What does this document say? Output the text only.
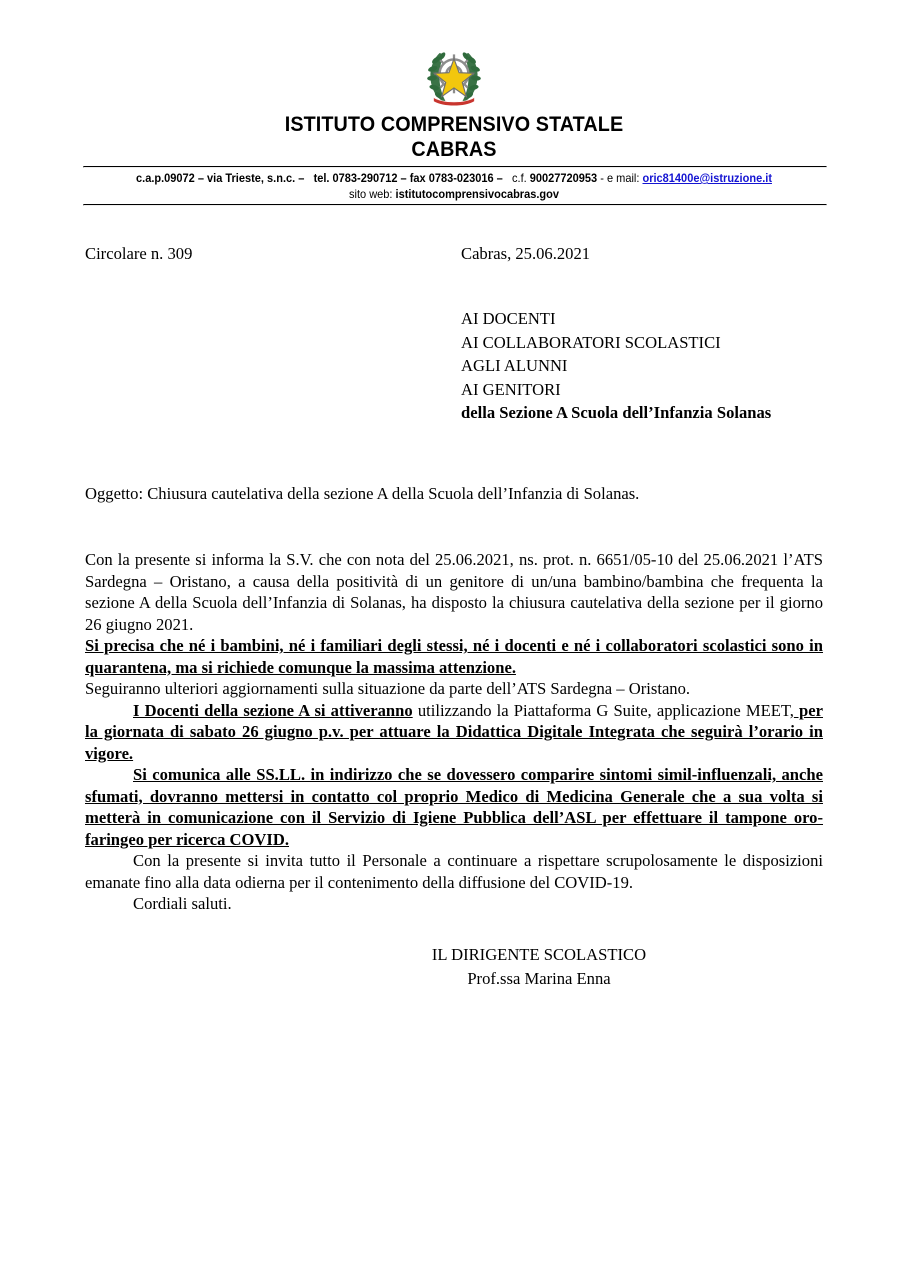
ISTITUTO COMPRENSIVO STATALE
CABRAS
c.a.p.09072 – via Trieste, s.n.c. – tel. 0783-290712 – fax 0783-023016 – c.f. 90027720953 - e mail: oric81400e@istruzione.it
sito web: istitutocomprensivocabras.gov
Circolare n. 309	Cabras, 25.06.2021
AI DOCENTI
AI COLLABORATORI SCOLASTICI
AGLI ALUNNI
AI GENITORI
della Sezione A Scuola dell’Infanzia Solanas
Oggetto: Chiusura cautelativa della sezione A della Scuola dell’Infanzia di Solanas.

Con la presente si informa la S.V. che con nota del 25.06.2021, ns. prot. n. 6651/05-10 del 25.06.2021 l’ATS Sardegna – Oristano, a causa della positività di un genitore di un/una bambino/bambina che frequenta la sezione A della Scuola dell’Infanzia di Solanas, ha disposto la chiusura cautelativa della sezione per il giorno 26 giugno 2021.

Si precisa che né i bambini, né i familiari degli stessi, né i docenti e né i collaboratori scolastici sono in quarantena, ma si richiede comunque la massima attenzione.

Seguiranno ulteriori aggiornamenti sulla situazione da parte dell’ATS Sardegna – Oristano.

I Docenti della sezione A si attiveranno utilizzando la Piattaforma G Suite, applicazione MEET, per la giornata di sabato 26 giugno p.v. per attuare la Didattica Digitale Integrata che seguirà l’orario in vigore.

Si comunica alle SS.LL. in indirizzo che se dovessero comparire sintomi simil-influenzali, anche sfumati, dovranno mettersi in contatto col proprio Medico di Medicina Generale che a sua volta si metterà in comunicazione con il Servizio di Igiene Pubblica dell’ASL per effettuare il tampone oro-faringeo per ricerca COVID.

Con la presente si invita tutto il Personale a continuare a rispettare scrupolosamente le disposizioni emanate fino alla data odierna per il contenimento della diffusione del COVID-19.

Cordiali saluti.

IL DIRIGENTE SCOLASTICO
Prof.ssa Marina Enna
